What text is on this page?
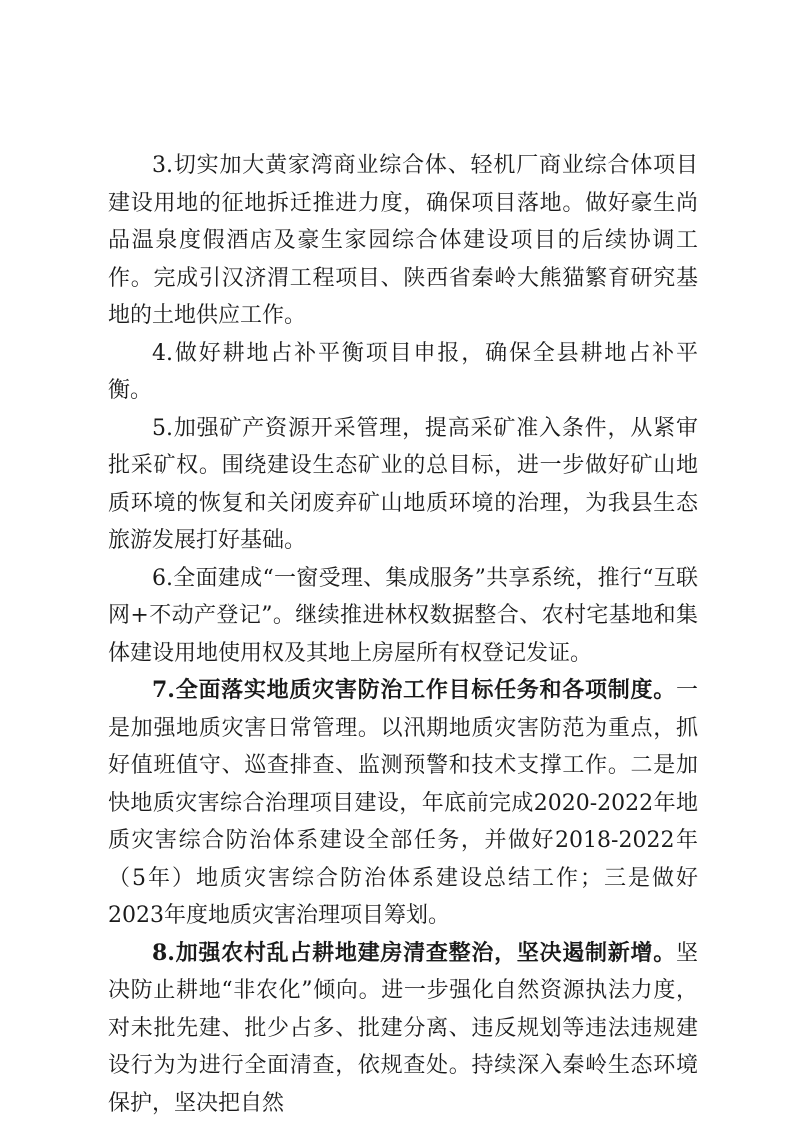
3.切实加大黄家湾商业综合体、轻机厂商业综合体项目建设用地的征地拆迁推进力度，确保项目落地。做好豪生尚品温泉度假酒店及豪生家园综合体建设项目的后续协调工作。完成引汉济渭工程项目、陕西省秦岭大熊猫繁育研究基地的土地供应工作。

4.做好耕地占补平衡项目申报，确保全县耕地占补平衡。

5.加强矿产资源开采管理，提高采矿准入条件，从紧审批采矿权。围绕建设生态矿业的总目标，进一步做好矿山地质环境的恢复和关闭废弃矿山地质环境的治理，为我县生态旅游发展打好基础。

6.全面建成“一窗受理、集成服务”共享系统，推行“互联网+不动产登记”。继续推进林权数据整合、农村宅基地和集体建设用地使用权及其地上房屋所有权登记发证。

7.全面落实地质灾害防治工作目标任务和各项制度。一是加强地质灾害日常管理。以汛期地质灾害防范为重点，抓好值班值守、巡查排查、监测预警和技术支撑工作。二是加快地质灾害综合治理项目建设，年底前完成2020-2022年地质灾害综合防治体系建设全部任务，并做好2018-2022年（5年）地质灾害综合防治体系建设总结工作；三是做好2023年度地质灾害治理项目筹划。

8.加强农村乱占耕地建房清查整治，坚决遏制新增。坚决防止耕地“非农化”倾向。进一步强化自然资源执法力度，对未批先建、批少占多、批建分离、违反规划等违法违规建设行为为进行全面清查，依规查处。持续深入秦岭生态环境保护，坚决把自然
